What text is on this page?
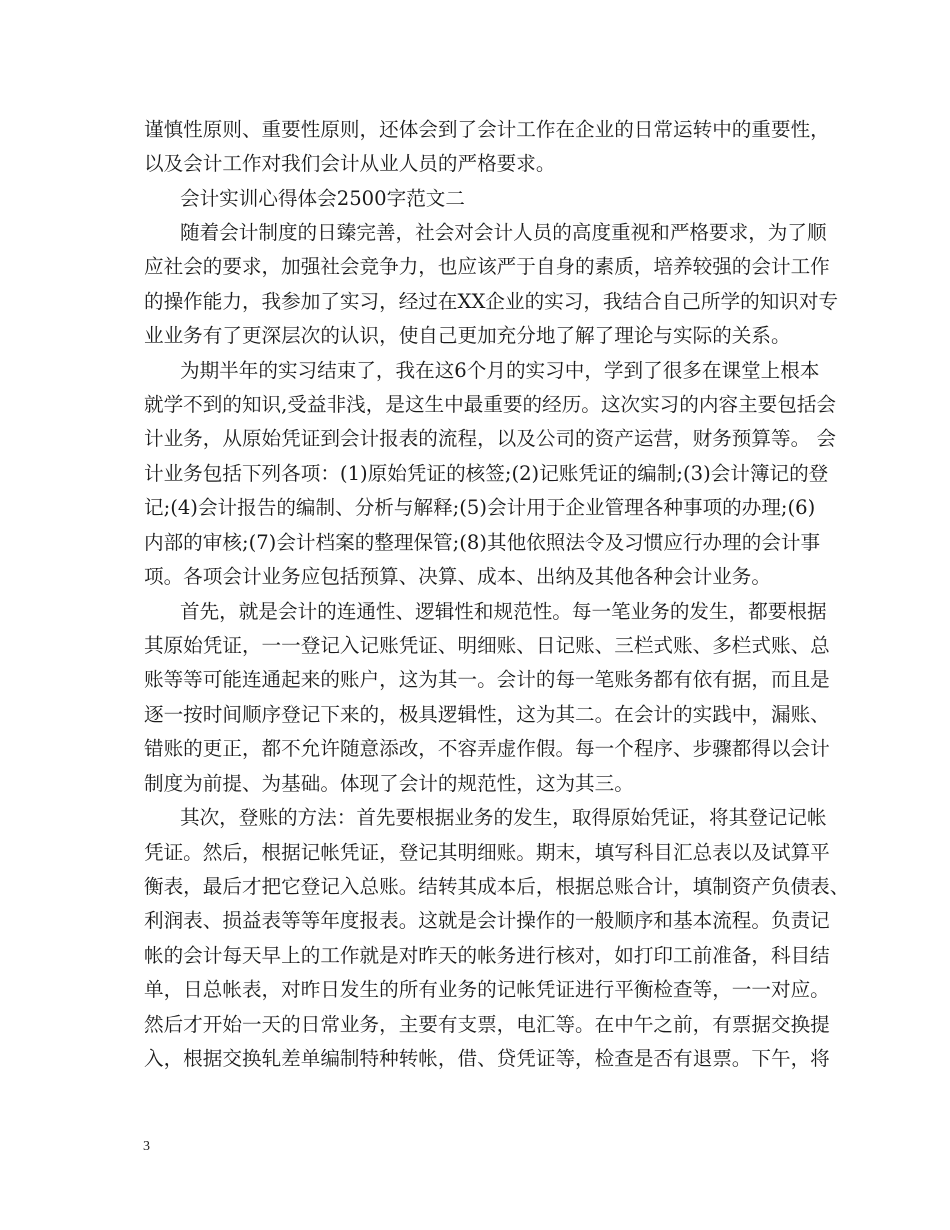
谨慎性原则、重要性原则，还体会到了会计工作在企业的日常运转中的重要性，
以及会计工作对我们会计从业人员的严格要求。
会计实训心得体会2500字范文二
随着会计制度的日臻完善，社会对会计人员的高度重视和严格要求，为了顺
应社会的要求，加强社会竞争力，也应该严于自身的素质，培养较强的会计工作
的操作能力，我参加了实习，经过在XX企业的实习，我结合自己所学的知识对专
业业务有了更深层次的认识，使自己更加充分地了解了理论与实际的关系。
为期半年的实习结束了，我在这6个月的实习中，学到了很多在课堂上根本
就学不到的知识,受益非浅，是这生中最重要的经历。这次实习的内容主要包括会
计业务，从原始凭证到会计报表的流程，以及公司的资产运营，财务预算等。 会
计业务包括下列各项：(1)原始凭证的核签;(2)记账凭证的编制;(3)会计簿记的登
记;(4)会计报告的编制、分析与解释;(5)会计用于企业管理各种事项的办理;(6)
内部的审核;(7)会计档案的整理保管;(8)其他依照法令及习惯应行办理的会计事
项。各项会计业务应包括预算、决算、成本、出纳及其他各种会计业务。
首先，就是会计的连通性、逻辑性和规范性。每一笔业务的发生，都要根据
其原始凭证，一一登记入记账凭证、明细账、日记账、三栏式账、多栏式账、总
账等等可能连通起来的账户，这为其一。会计的每一笔账务都有依有据，而且是
逐一按时间顺序登记下来的，极具逻辑性，这为其二。在会计的实践中，漏账、
错账的更正，都不允许随意添改，不容弄虚作假。每一个程序、步骤都得以会计
制度为前提、为基础。体现了会计的规范性，这为其三。
其次，登账的方法：首先要根据业务的发生，取得原始凭证，将其登记记帐
凭证。然后，根据记帐凭证，登记其明细账。期末，填写科目汇总表以及试算平
衡表，最后才把它登记入总账。结转其成本后，根据总账合计，填制资产负债表、
利润表、损益表等等年度报表。这就是会计操作的一般顺序和基本流程。负责记
帐的会计每天早上的工作就是对昨天的帐务进行核对，如打印工前准备，科目结
单，日总帐表，对昨日发生的所有业务的记帐凭证进行平衡检查等，一一对应。
然后才开始一天的日常业务，主要有支票，电汇等。在中午之前，有票据交换提
入，根据交换轧差单编制特种转帐，借、贷凭证等，检查是否有退票。下午，将
3
